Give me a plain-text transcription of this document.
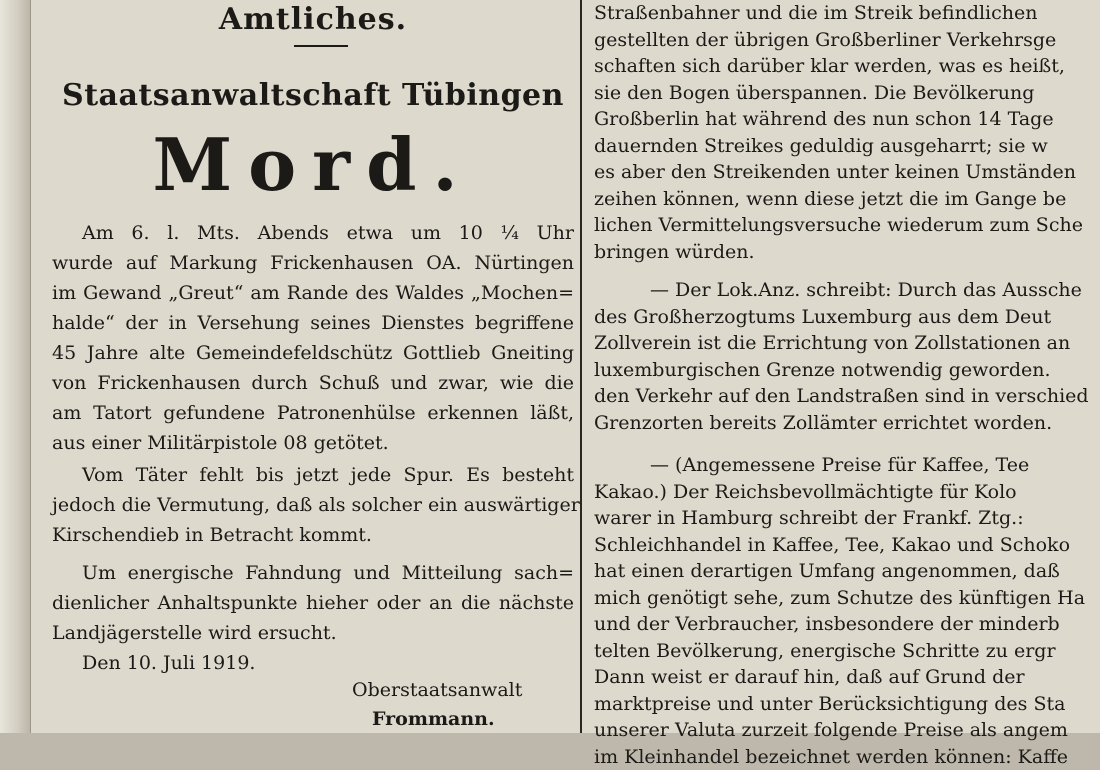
Amtliches.
Staatsanwaltschaft Tübingen
Mord.
Am 6. l. Mts. Abends etwa um 10 ¼ Uhr
wurde auf Markung Frickenhausen OA. Nürtingen
im Gewand „Greut“ am Rande des Waldes „Mochen=
halde“ der in Versehung seines Dienstes begriffene
45 Jahre alte Gemeindefeldschütz Gottlieb Gneiting
von Frickenhausen durch Schuß und zwar, wie die
am Tatort gefundene Patronenhülse erkennen läßt,
aus einer Militärpistole 08 getötet.
Vom Täter fehlt bis jetzt jede Spur. Es besteht
jedoch die Vermutung, daß als solcher ein auswärtiger
Kirschendieb in Betracht kommt.
Um energische Fahndung und Mitteilung sach=
dienlicher Anhaltspunkte hieher oder an die nächste
Landjägerstelle wird ersucht.
Den 10. Juli 1919.
Oberstaatsanwalt
Frommann.
Straßenbahner und die im Streik befindlichen
gestellten der übrigen Großberliner Verkehrsge
schaften sich darüber klar werden, was es heißt,
sie den Bogen überspannen. Die Bevölkerung
Großberlin hat während des nun schon 14 Tage
dauernden Streikes geduldig ausgeharrt; sie w
es aber den Streikenden unter keinen Umständen
zeihen können, wenn diese jetzt die im Gange be
lichen Vermittelungsversuche wiederum zum Sche
bringen würden.
— Der Lok.Anz. schreibt: Durch das Aussche
des Großherzogtums Luxemburg aus dem Deut
Zollverein ist die Errichtung von Zollstationen an
luxemburgischen Grenze notwendig geworden.
den Verkehr auf den Landstraßen sind in verschied
Grenzorten bereits Zollämter errichtet worden.
— (Angemessene Preise für Kaffee, Tee
Kakao.) Der Reichsbevollmächtigte für Kolo
warer in Hamburg schreibt der Frankf. Ztg.:
Schleichhandel in Kaffee, Tee, Kakao und Schoko
hat einen derartigen Umfang angenommen, daß
mich genötigt sehe, zum Schutze des künftigen Ha
und der Verbraucher, insbesondere der minderb
telten Bevölkerung, energische Schritte zu ergr
Dann weist er darauf hin, daß auf Grund der
marktpreise und unter Berücksichtigung des Sta
unserer Valuta zurzeit folgende Preise als angem
im Kleinhandel bezeichnet werden können: Kaffe
